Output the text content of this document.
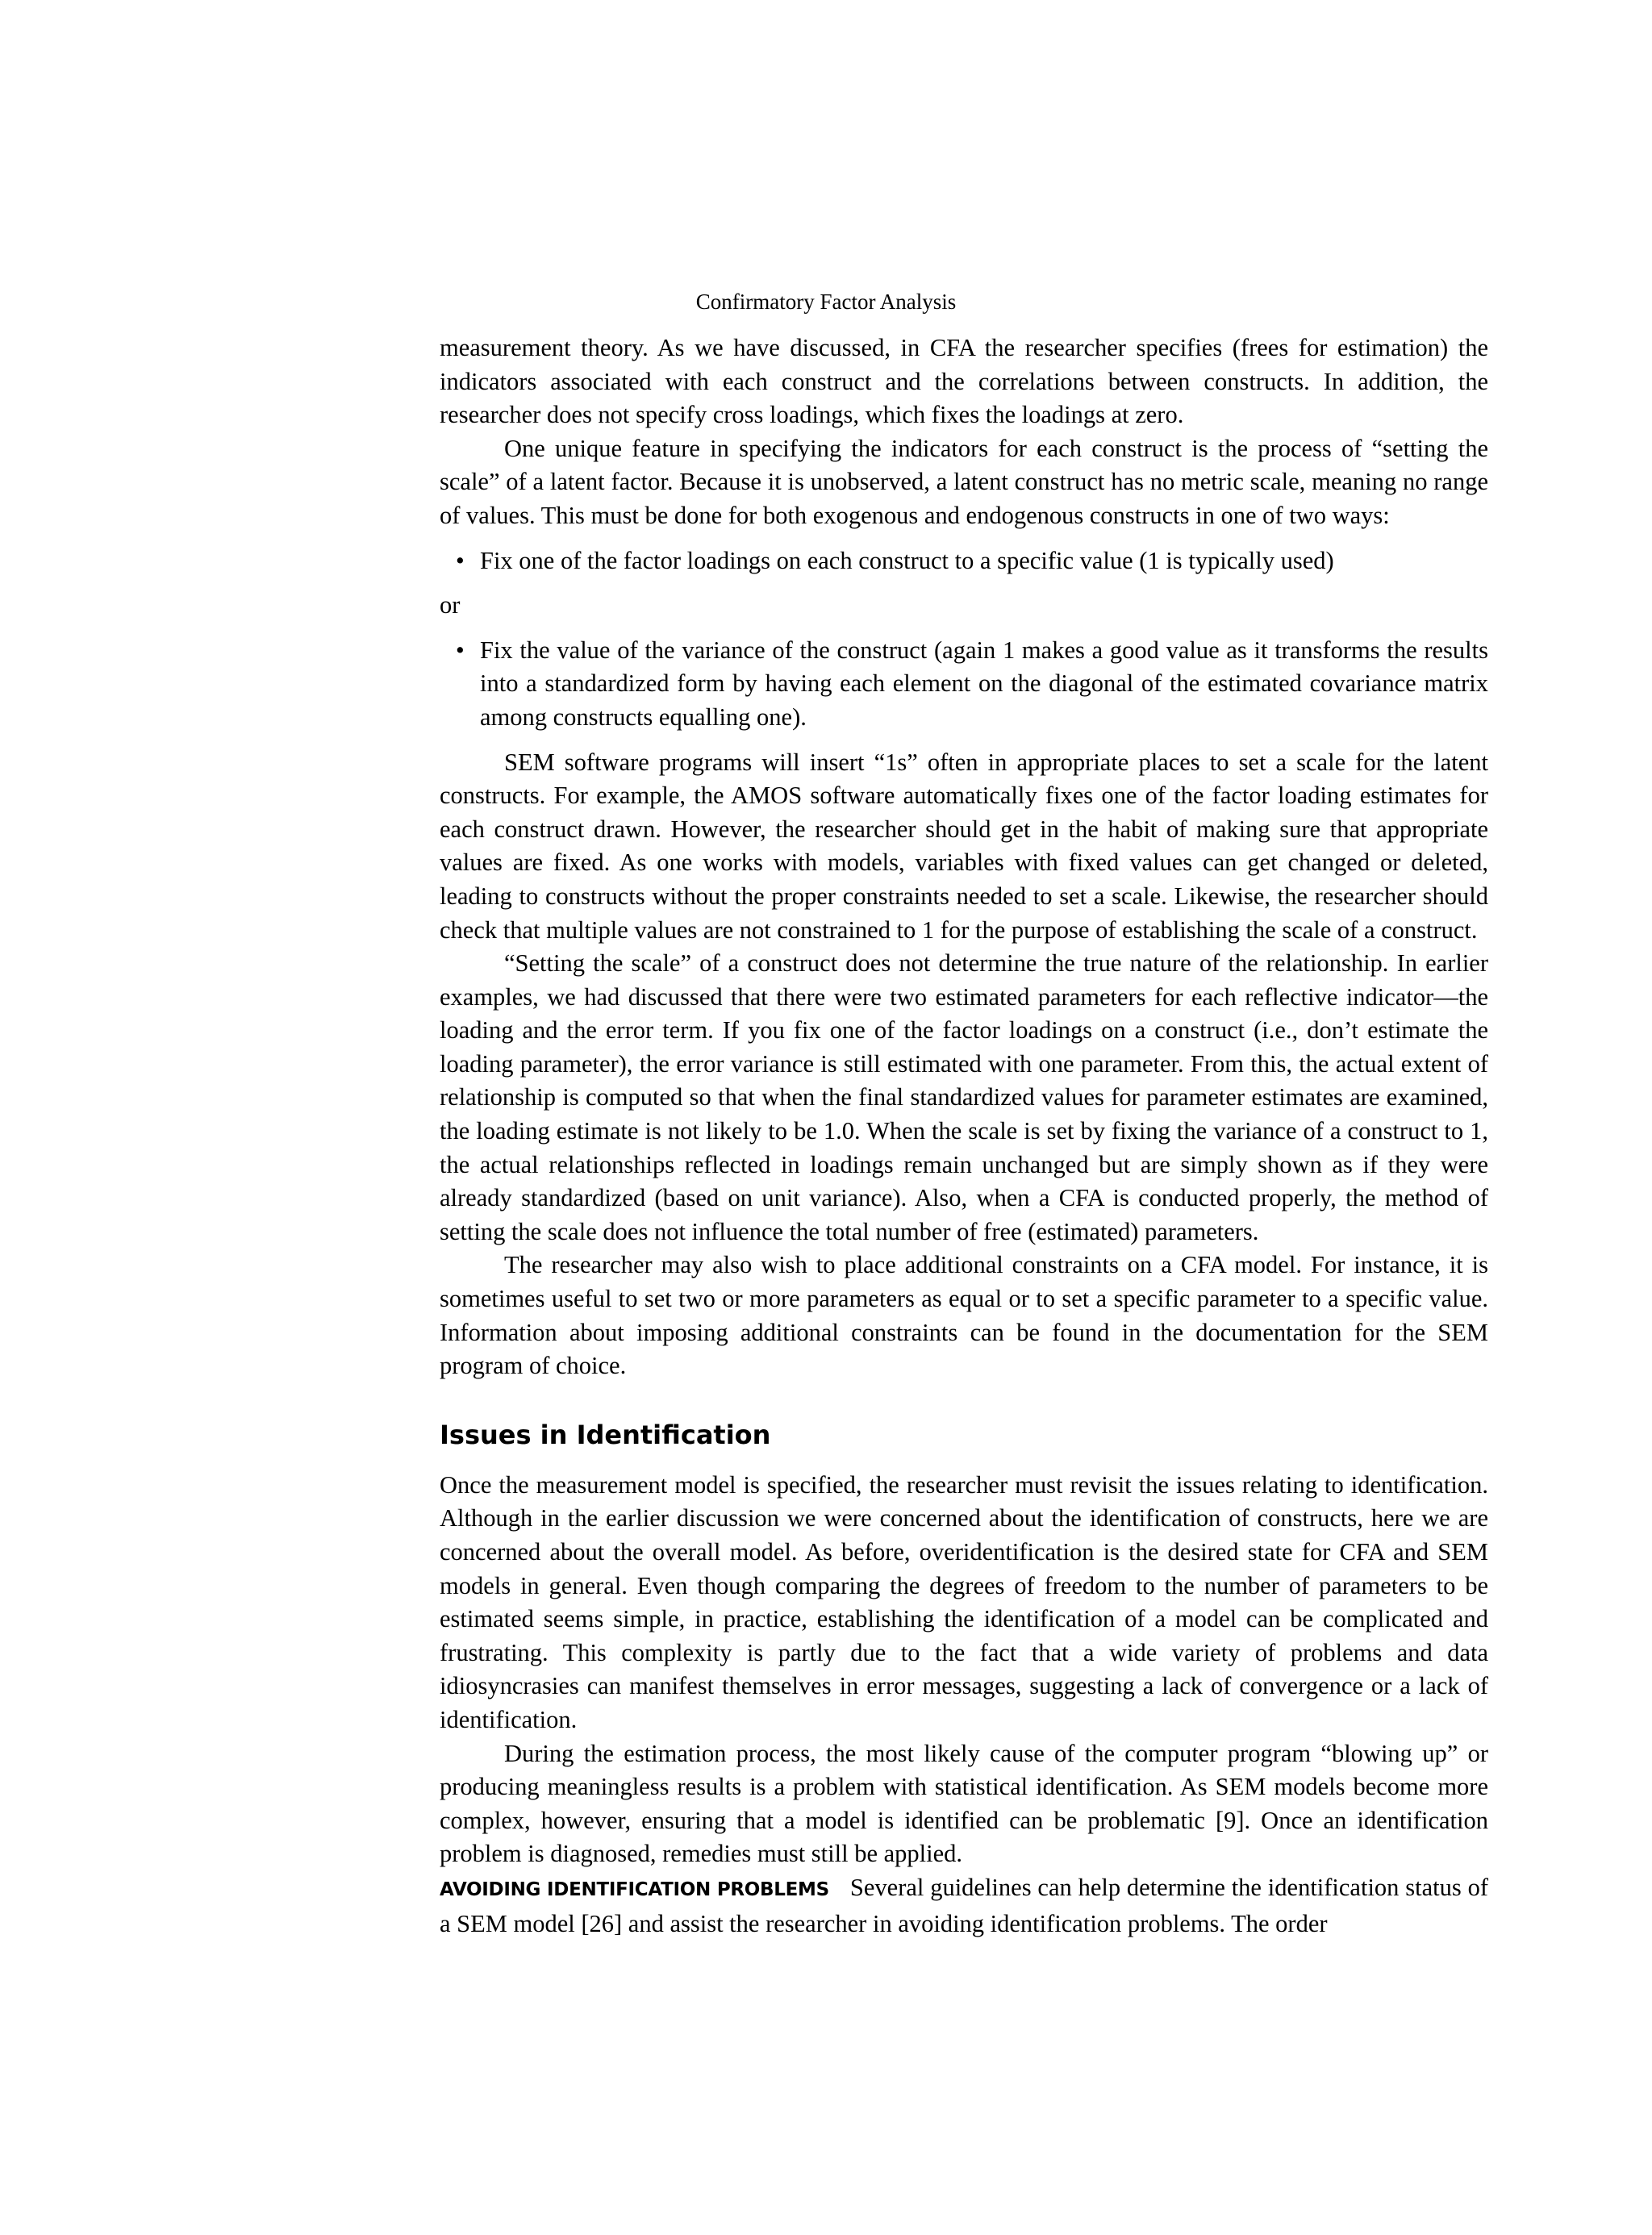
Confirmatory Factor Analysis

measurement theory. As we have discussed, in CFA the researcher specifies (frees for estimation) the indicators associated with each construct and the correlations between constructs. In addition, the researcher does not specify cross loadings, which fixes the loadings at zero.

One unique feature in specifying the indicators for each construct is the process of “setting the scale” of a latent factor. Because it is unobserved, a latent construct has no metric scale, meaning no range of values. This must be done for both exogenous and endogenous constructs in one of two ways:

• Fix one of the factor loadings on each construct to a specific value (1 is typically used)

or

• Fix the value of the variance of the construct (again 1 makes a good value as it transforms the results into a standardized form by having each element on the diagonal of the estimated covariance matrix among constructs equalling one).

SEM software programs will insert “1s” often in appropriate places to set a scale for the latent constructs. For example, the AMOS software automatically fixes one of the factor loading estimates for each construct drawn. However, the researcher should get in the habit of making sure that appropriate values are fixed. As one works with models, variables with fixed values can get changed or deleted, leading to constructs without the proper constraints needed to set a scale. Likewise, the researcher should check that multiple values are not constrained to 1 for the purpose of establishing the scale of a construct.

“Setting the scale” of a construct does not determine the true nature of the relationship. In earlier examples, we had discussed that there were two estimated parameters for each reflective indicator—the loading and the error term. If you fix one of the factor loadings on a construct (i.e., don’t estimate the loading parameter), the error variance is still estimated with one parameter. From this, the actual extent of relationship is computed so that when the final standardized values for parameter estimates are examined, the loading estimate is not likely to be 1.0. When the scale is set by fixing the variance of a construct to 1, the actual relationships reflected in loadings remain unchanged but are simply shown as if they were already standardized (based on unit variance). Also, when a CFA is conducted properly, the method of setting the scale does not influence the total number of free (estimated) parameters.

The researcher may also wish to place additional constraints on a CFA model. For instance, it is sometimes useful to set two or more parameters as equal or to set a specific parameter to a specific value. Information about imposing additional constraints can be found in the documentation for the SEM program of choice.

Issues in Identification

Once the measurement model is specified, the researcher must revisit the issues relating to identification. Although in the earlier discussion we were concerned about the identification of constructs, here we are concerned about the overall model. As before, overidentification is the desired state for CFA and SEM models in general. Even though comparing the degrees of freedom to the number of parameters to be estimated seems simple, in practice, establishing the identification of a model can be complicated and frustrating. This complexity is partly due to the fact that a wide variety of problems and data idiosyncrasies can manifest themselves in error messages, suggesting a lack of convergence or a lack of identification.

During the estimation process, the most likely cause of the computer program “blowing up” or producing meaningless results is a problem with statistical identification. As SEM models become more complex, however, ensuring that a model is identified can be problematic [9]. Once an identification problem is diagnosed, remedies must still be applied.

AVOIDING IDENTIFICATION PROBLEMS Several guidelines can help determine the identification status of a SEM model [26] and assist the researcher in avoiding identification problems. The order
